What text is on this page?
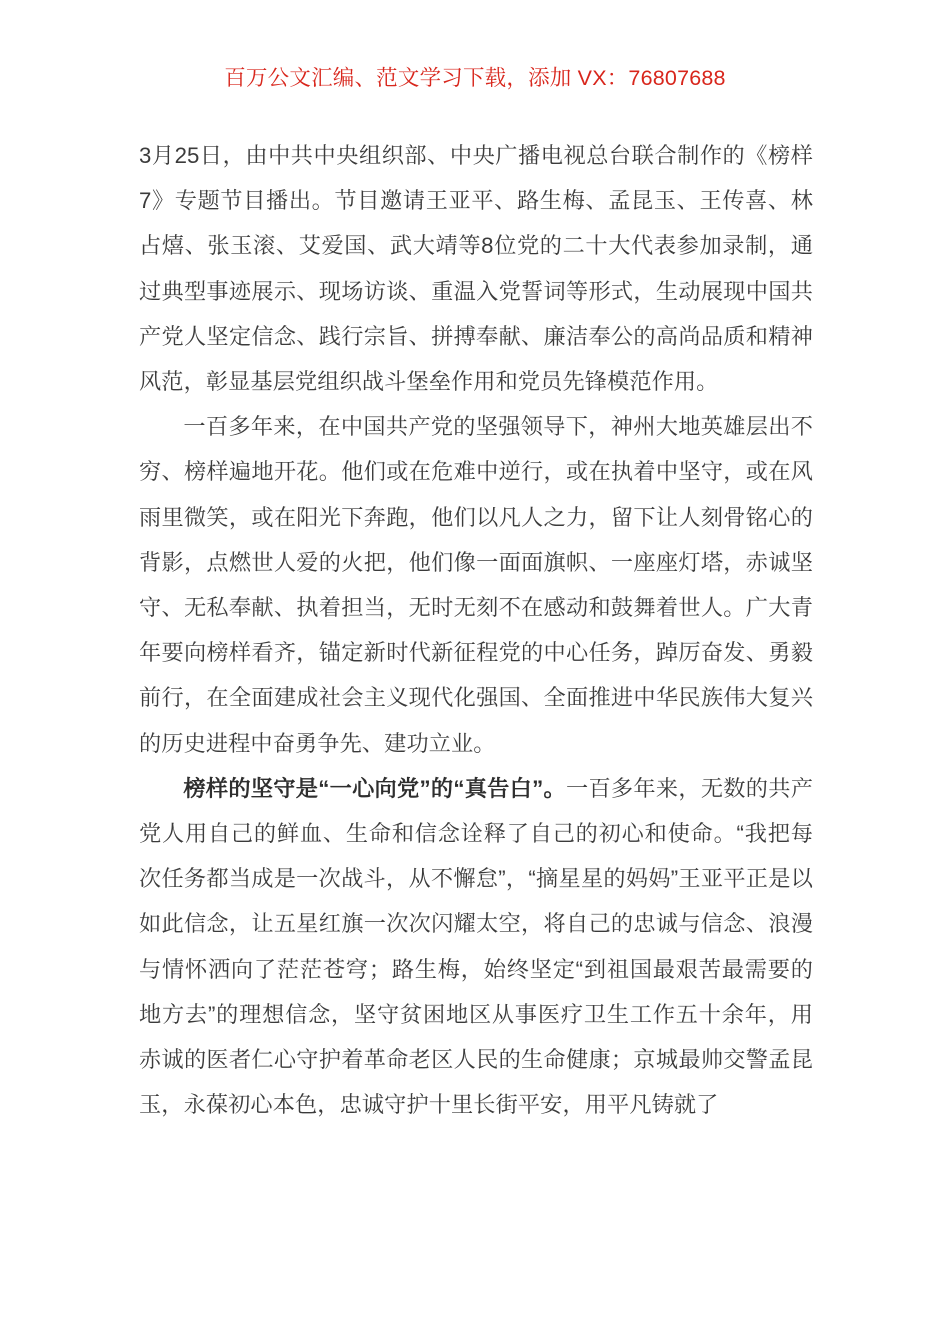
百万公文汇编、范文学习下载，添加 VX：76807688

3月25日，由中共中央组织部、中央广播电视总台联合制作的《榜样7》专题节目播出。节目邀请王亚平、路生梅、孟昆玉、王传喜、林占熺、张玉滚、艾爱国、武大靖等8位党的二十大代表参加录制，通过典型事迹展示、现场访谈、重温入党誓词等形式，生动展现中国共产党人坚定信念、践行宗旨、拼搏奉献、廉洁奉公的高尚品质和精神风范，彰显基层党组织战斗堡垒作用和党员先锋模范作用。

一百多年来，在中国共产党的坚强领导下，神州大地英雄层出不穷、榜样遍地开花。他们或在危难中逆行，或在执着中坚守，或在风雨里微笑，或在阳光下奔跑，他们以凡人之力，留下让人刻骨铭心的背影，点燃世人爱的火把，他们像一面面旗帜、一座座灯塔，赤诚坚守、无私奉献、执着担当，无时无刻不在感动和鼓舞着世人。广大青年要向榜样看齐，锚定新时代新征程党的中心任务，踔厉奋发、勇毅前行，在全面建成社会主义现代化强国、全面推进中华民族伟大复兴的历史进程中奋勇争先、建功立业。

榜样的坚守是“一心向党”的“真告白”。一百多年来，无数的共产党人用自己的鲜血、生命和信念诠释了自己的初心和使命。“我把每次任务都当成是一次战斗，从不懈怠”，“摘星星的妈妈”王亚平正是以如此信念，让五星红旗一次次闪耀太空，将自己的忠诚与信念、浪漫与情怀洒向了茫茫苍穹；路生梅，始终坚定“到祖国最艰苦最需要的地方去”的理想信念，坚守贫困地区从事医疗卫生工作五十余年，用赤诚的医者仁心守护着革命老区人民的生命健康；京城最帅交警孟昆玉，永葆初心本色，忠诚守护十里长街平安，用平凡铸就了
